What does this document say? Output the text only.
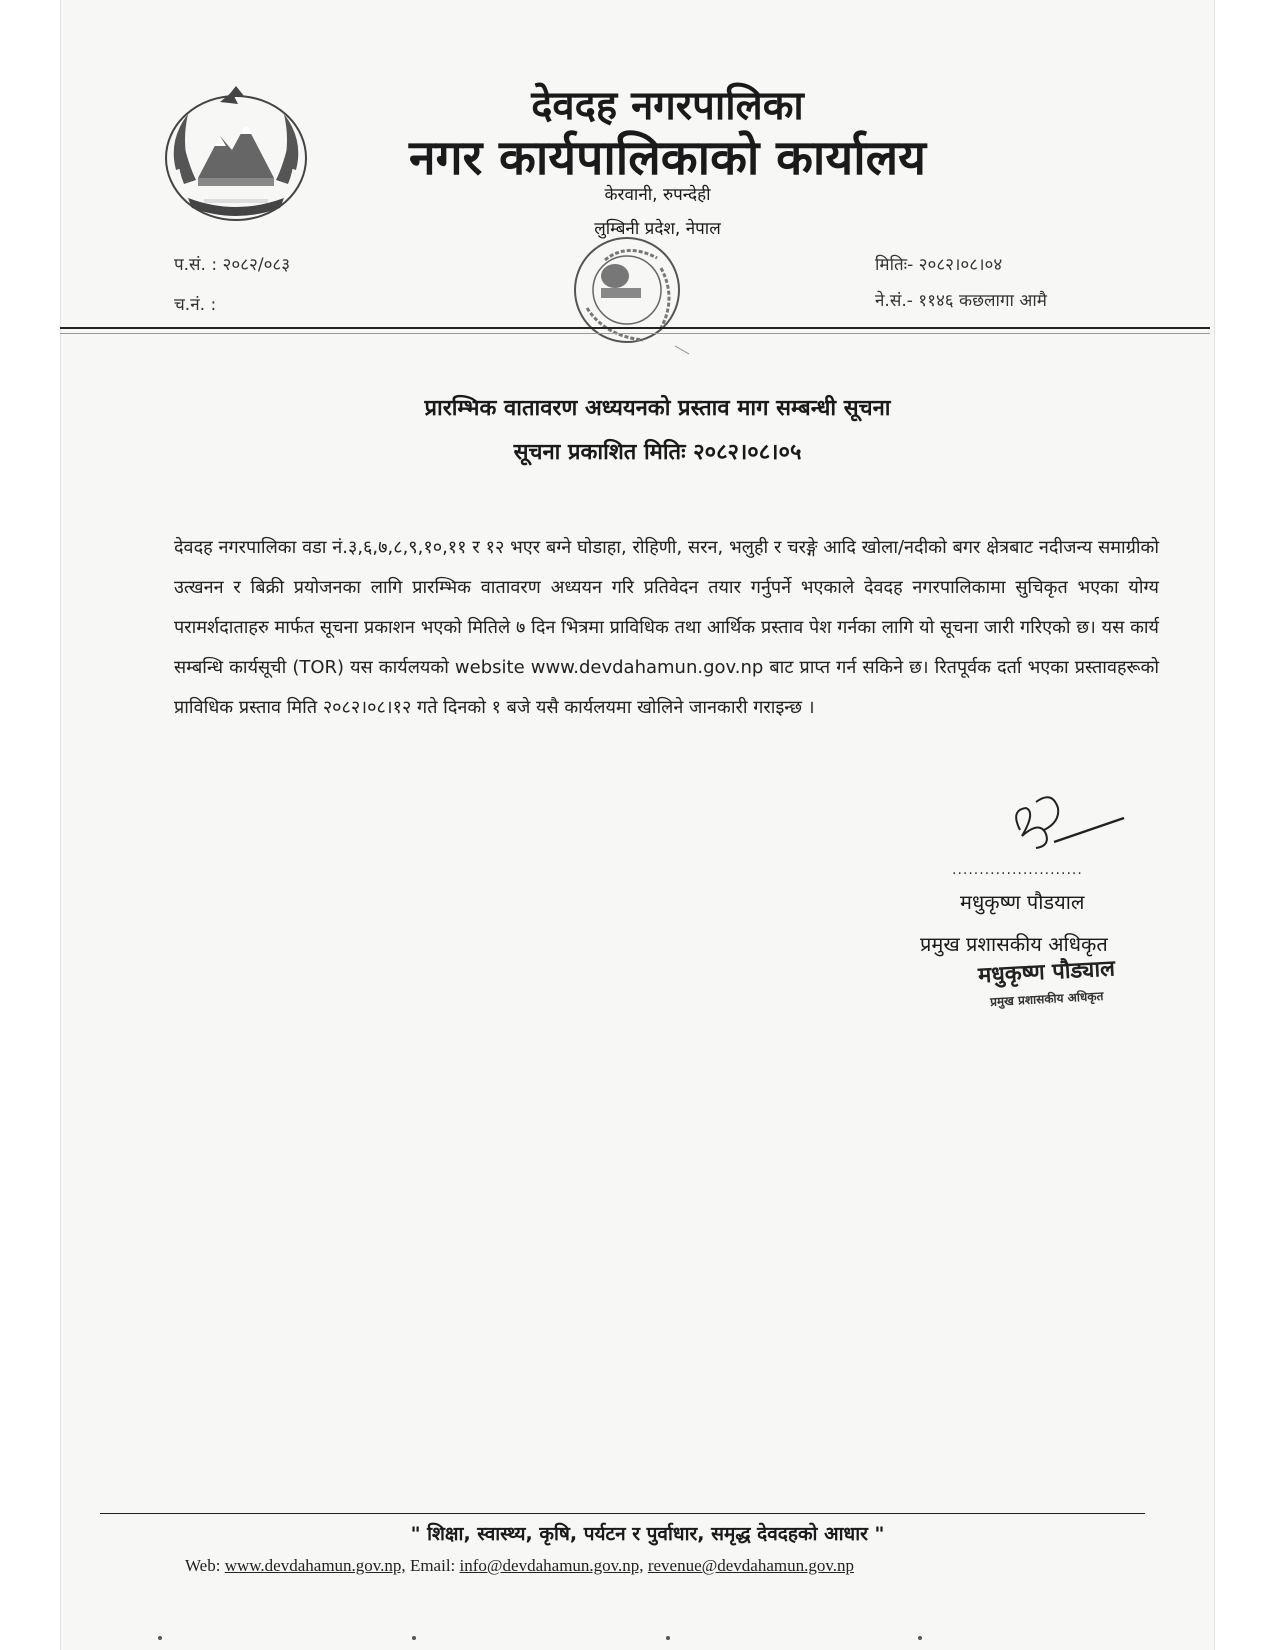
देवदह नगरपालिका
नगर कार्यपालिकाको कार्यालय
केरवानी, रुपन्देही
लुम्बिनी प्रदेश, नेपाल
प.सं. : २०८२/०८३
च.नं. :
मितिः- २०८२।०८।०४
ने.सं.- ११४६ कछलागा आमै
प्रारम्भिक वातावरण अध्ययनको प्रस्ताव माग सम्बन्धी सूचना
सूचना प्रकाशित मितिः २०८२।०८।०५

देवदह नगरपालिका वडा नं.३,६,७,८,९,१०,११ र १२ भएर बग्ने घोडाहा, रोहिणी, सरन, भलुही र चरङ्गे आदि खोला/नदीको बगर क्षेत्रबाट नदीजन्य समाग्रीको उत्खनन र बिक्री प्रयोजनका लागि प्रारम्भिक वातावरण अध्ययन गरि प्रतिवेदन तयार गर्नुपर्ने भएकाले देवदह नगरपालिकामा सुचिकृत भएका योग्य परामर्शदाताहरु मार्फत सूचना प्रकाशन भएको मितिले ७ दिन भित्रमा प्राविधिक तथा आर्थिक प्रस्ताव पेश गर्नका लागि यो सूचना जारी गरिएको छ। यस कार्य सम्बन्धि कार्यसूची (TOR) यस कार्यलयको website www.devdahamun.gov.np बाट प्राप्त गर्न सकिने छ। रितपूर्वक दर्ता भएका प्रस्तावहरूको प्राविधिक प्रस्ताव मिति २०८२।०८।१२ गते दिनको १ बजे यसै कार्यलयमा खोलिने जानकारी गराइन्छ ।

........................
मधुकृष्ण पौडयाल
प्रमुख प्रशासकीय अधिकृत
मधुकृष्ण पौड्याल
प्रमुख प्रशासकीय अधिकृत
" शिक्षा, स्वास्थ्य, कृषि, पर्यटन र पुर्वाधार, समृद्ध देवदहको आधार "
Web: www.devdahamun.gov.np, Email: info@devdahamun.gov.np, revenue@devdahamun.gov.np
